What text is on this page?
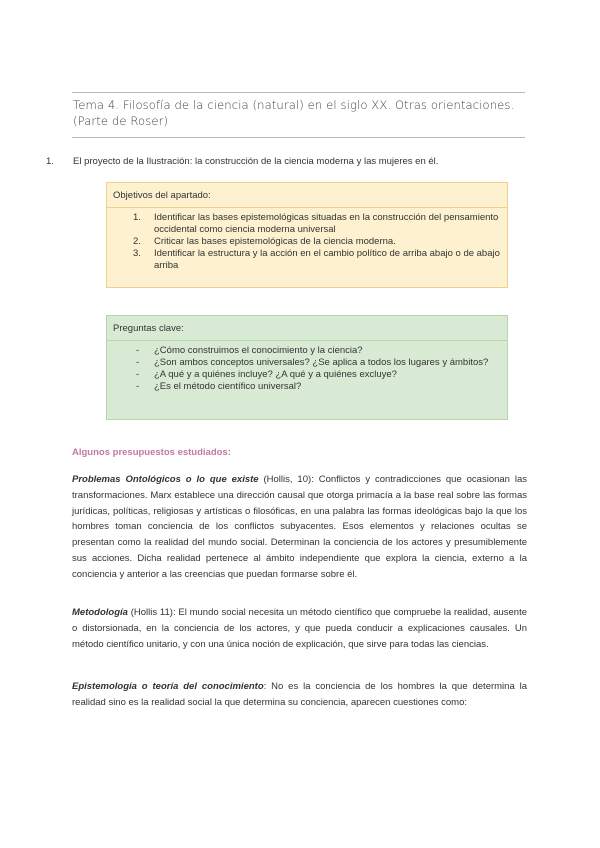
Tema 4. Filosofía de la ciencia (natural) en el siglo XX. Otras orientaciones. (Parte de Roser)
1. El proyecto de la Ilustración: la construcción de la ciencia moderna y las mujeres en él.
Objetivos del apartado:
1. Identificar las bases epistemológicas situadas en la construcción del pensamiento occidental como ciencia moderna universal
2. Criticar las bases epistemológicas de la ciencia moderna.
3. Identificar la estructura y la acción en el cambio político de arriba abajo o de abajo arriba
Preguntas clave:
- ¿Cómo construimos el conocimiento y la ciencia?
- ¿Son ambos conceptos universales? ¿Se aplica a todos los lugares y ámbitos?
- ¿A qué y a quiénes incluye? ¿A qué y a quiénes excluye?
- ¿Es el método científico universal?
Algunos presupuestos estudiados:
Problemas Ontológicos o lo que existe (Hollis, 10): Conflictos y contradicciones que ocasionan las transformaciones. Marx establece una dirección causal que otorga primacía a la base real sobre las formas jurídicas, políticas, religiosas y artísticas o filosóficas, en una palabra las formas ideológicas bajo la que los hombres toman conciencia de los conflictos subyacentes. Esos elementos y relaciones ocultas se presentan como la realidad del mundo social. Determinan la conciencia de los actores y presumiblemente sus acciones. Dicha realidad pertenece al ámbito independiente que explora la ciencia, externo a la conciencia y anterior a las creencias que puedan formarse sobre él.
Metodología (Hollis 11): El mundo social necesita un método científico que compruebe la realidad, ausente o distorsionada, en la conciencia de los actores, y que pueda conducir a explicaciones causales. Un método científico unitario, y con una única noción de explicación, que sirve para todas las ciencias.
Epistemología o teoría del conocimiento: No es la conciencia de los hombres la que determina la realidad sino es la realidad social la que determina su conciencia, aparecen cuestiones como:
